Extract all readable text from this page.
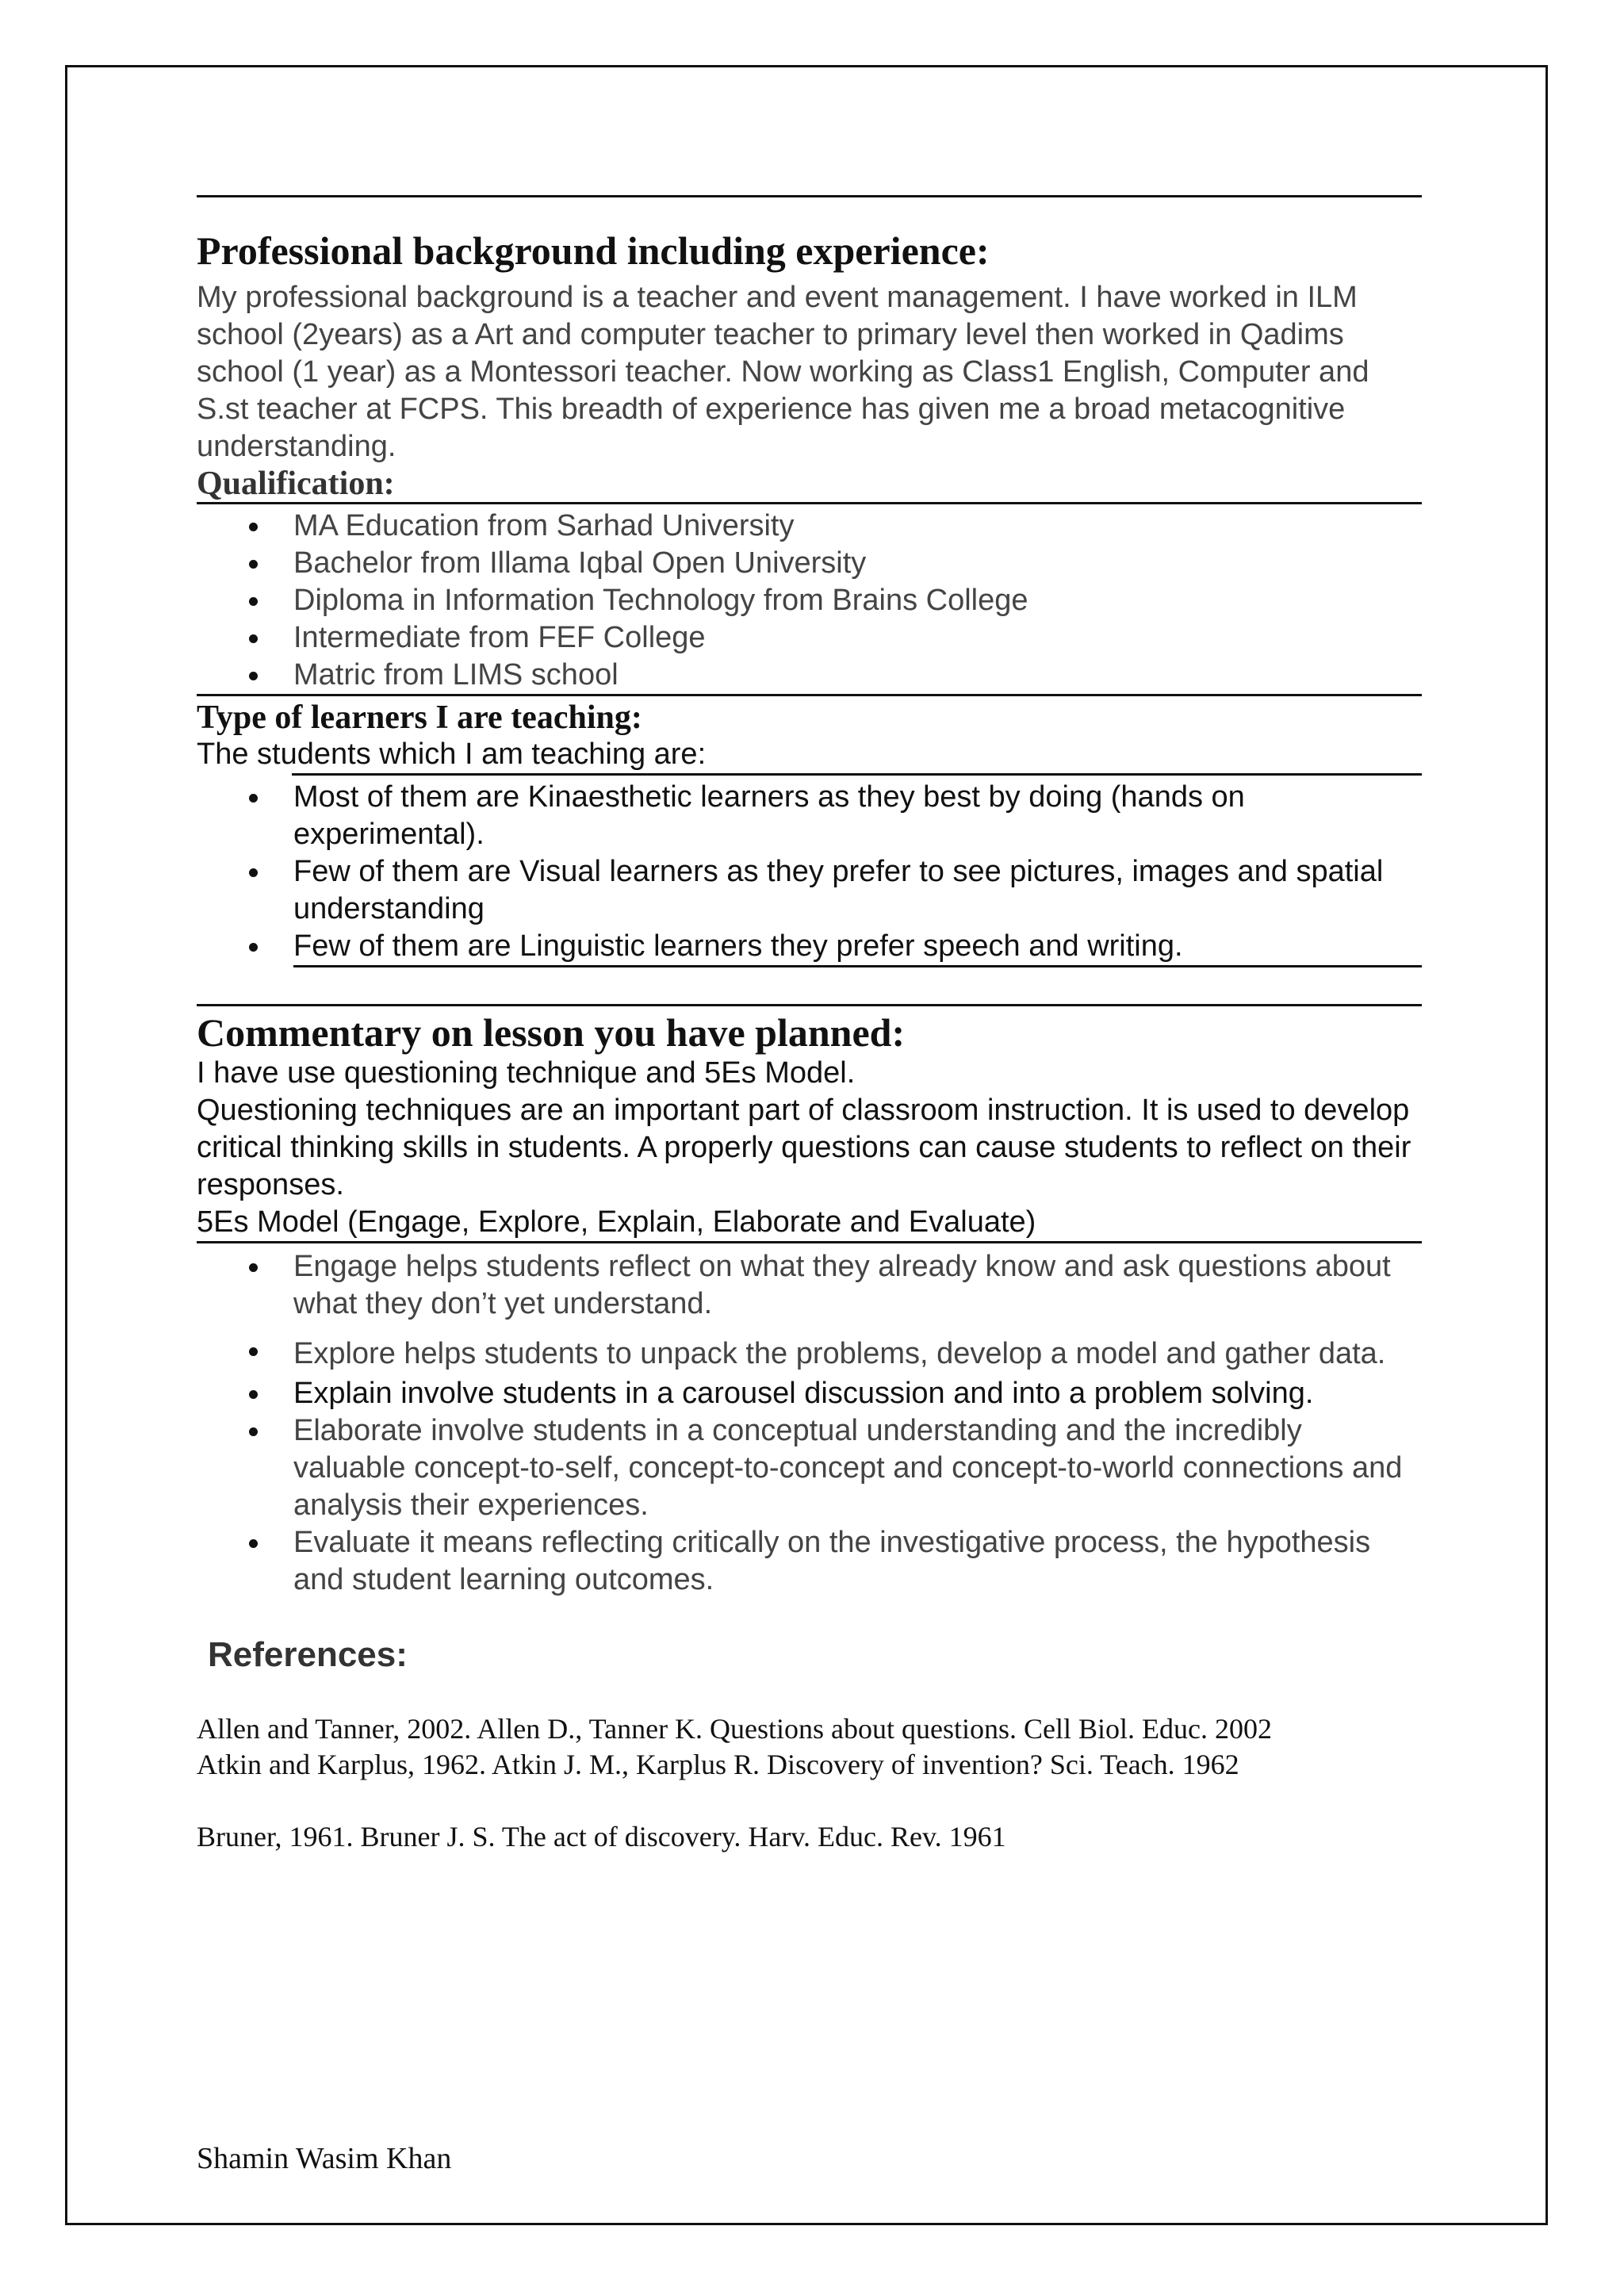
Professional background including experience:

My professional background is a teacher and event management. I have worked in ILM school (2years) as a Art and computer teacher to primary level then worked in Qadims school (1 year) as a Montessori teacher. Now working as Class1 English, Computer and S.st teacher at FCPS. This breadth of experience has given me a broad metacognitive understanding.

Qualification:
MA Education from Sarhad University
Bachelor from Illama Iqbal Open University
Diploma in Information Technology from Brains College
Intermediate from FEF College
Matric from LIMS school
Type of learners I are teaching:

The students which I am teaching are:

Most of them are Kinaesthetic learners as they best by doing (hands on experimental).
Few of them are Visual learners as they prefer to see pictures, images and spatial understanding
Few of them are Linguistic learners they prefer speech and writing.
Commentary on lesson you have planned:

I have use questioning technique and 5Es Model.

Questioning techniques are an important part of classroom instruction. It is used to develop critical thinking skills in students. A properly questions can cause students to reflect on their responses.

5Es Model (Engage, Explore, Explain, Elaborate and Evaluate)

Engage helps students reflect on what they already know and ask questions about what they don’t yet understand.
Explore helps students to unpack the problems, develop a model and gather data.
Explain involve students in a carousel discussion and into a problem solving.
Elaborate involve students in a conceptual understanding and the incredibly valuable concept-to-self, concept-to-concept and concept-to-world connections and analysis their experiences.
Evaluate it means reflecting critically on the investigative process, the hypothesis and student learning outcomes.
References:
Allen and Tanner, 2002. Allen D., Tanner K. Questions about questions. Cell Biol. Educ. 2002
Atkin and Karplus, 1962. Atkin J. M., Karplus R. Discovery of invention? Sci. Teach. 1962
Bruner, 1961. Bruner J. S. The act of discovery. Harv. Educ. Rev. 1961
Shamin Wasim Khan
